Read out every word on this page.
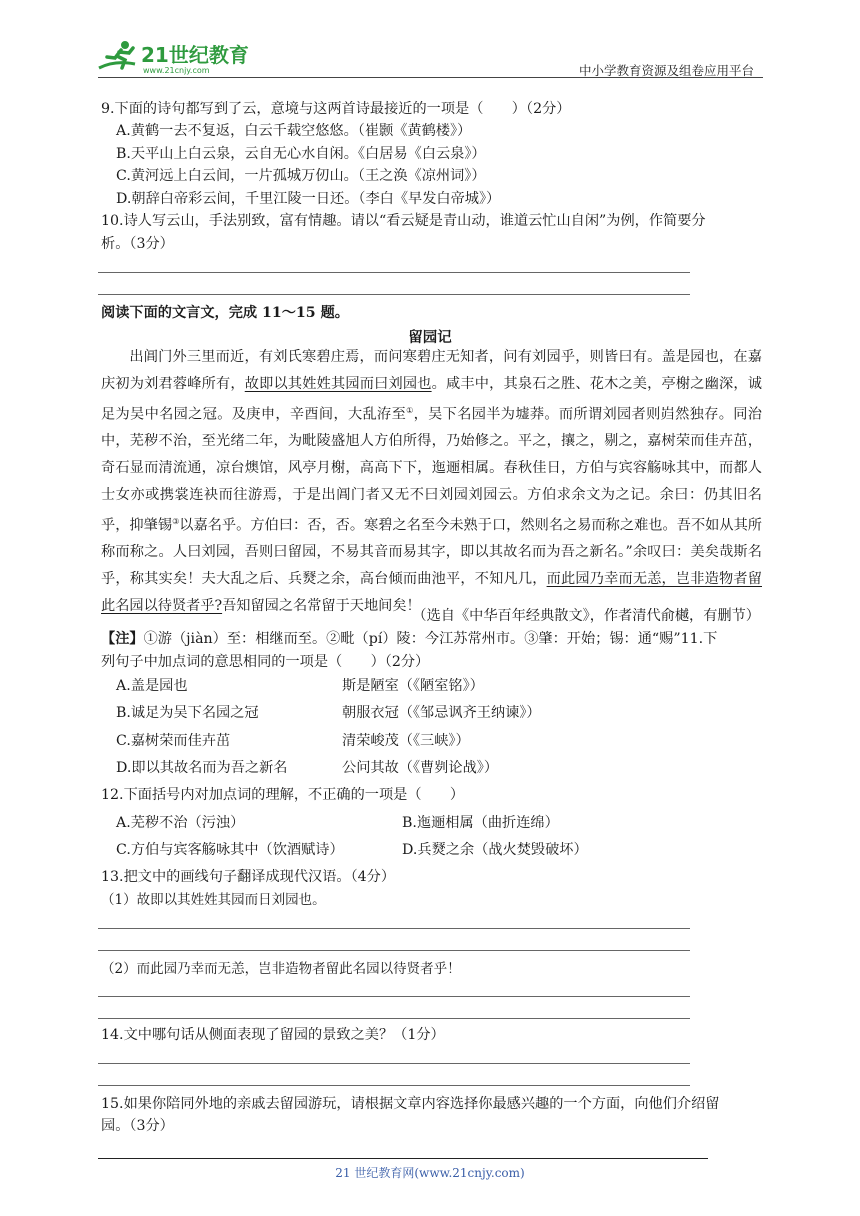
21世纪教育
www.21cnjy.com	中小学教育资源及组卷应用平台
9.下面的诗句都写到了云，意境与这两首诗最接近的一项是（　　）（2分）
A.黄鹤一去不复返，白云千载空悠悠。（崔颢《黄鹤楼》）
B.天平山上白云泉，云自无心水自闲。《白居易《白云泉》）
C.黄河远上白云间，一片孤城万仞山。（王之涣《凉州词》）
D.朝辞白帝彩云间，千里江陵一日还。（李白《早发白帝城》）
10.诗人写云山，手法别致，富有情趣。请以“看云疑是青山动，谁道云忙山自闲”为例，作简要分
析。（3分）
阅读下面的文言文，完成 11～15 题。
留园记

出阊门外三里而近，有刘氏寒碧庄焉，而问寒碧庄无知者，问有刘园乎，则皆曰有。盖是园也，在嘉庆初为刘君蓉峰所有，故即以其姓姓其园而曰刘园也。咸丰中，其泉石之胜、花木之美，亭榭之幽深，诚足为吴中名园之冠。及庚申，辛酉间，大乱洊至①，吴下名园半为墟莽。而所谓刘园者则岿然独存。同治中，芜秽不治，至光绪二年，为毗陵盛旭人方伯所得，乃始修之。平之，攘之，剔之，嘉树荣而佳卉茁，奇石显而清流通，凉台燠馆，风亭月榭，高高下下，迤逦相属。春秋佳日，方伯与宾容觞咏其中，而都人士女亦或携裳连袂而往游焉，于是出阊门者又无不曰刘园刘园云。方伯求余文为之记。余曰：仍其旧名乎，抑肇锡③以嘉名乎。方伯曰：否，否。寒碧之名至今未熟于口，然则名之易而称之难也。吾不如从其所称而称之。人曰刘园，吾则曰留园，不易其音而易其字，即以其故名而为吾之新名。”余叹曰：美矣哉斯名乎，称其实矣！夫大乱之后、兵燹之余，高台倾而曲池平，不知凡几，而此园乃幸而无恙，岂非造物者留此名园以待贤者乎?吾知留园之名常留于天地间矣！

（选自《中华百年经典散文》，作者清代俞樾，有删节）
【注】①游（jiàn）至：相继而至。②毗（pí）陵：今江苏常州市。③肇：开始；锡：通“赐”11.下
列句子中加点词的意思相同的一项是（　　）（2分）
A.盖是园也	斯是陋室（《陋室铭》）
B.诚足为吴下名园之冠	朝服衣冠（《邹忌讽齐王纳谏》）
C.嘉树荣而佳卉茁	清荣峻茂（《三峡》）
D.即以其故名而为吾之新名	公问其故（《曹刿论战》）
12.下面括号内对加点词的理解，不正确的一项是（　　）
A.芜秽不治（污浊）	B.迤逦相属（曲折连绵）
C.方伯与宾客觞咏其中（饮酒赋诗）	D.兵燹之余（战火焚毁破坏）
13.把文中的画线句子翻译成现代汉语。（4分）
（1）故即以其姓姓其园而日刘园也。
（2）而此园乃幸而无恙，岂非造物者留此名园以待贤者乎！
14.文中哪句话从侧面表现了留园的景致之美？（1分）
15.如果你陪同外地的亲戚去留园游玩，请根据文章内容选择你最感兴趣的一个方面，向他们介绍留
园。（3分）
21 世纪教育网(www.21cnjy.com)
